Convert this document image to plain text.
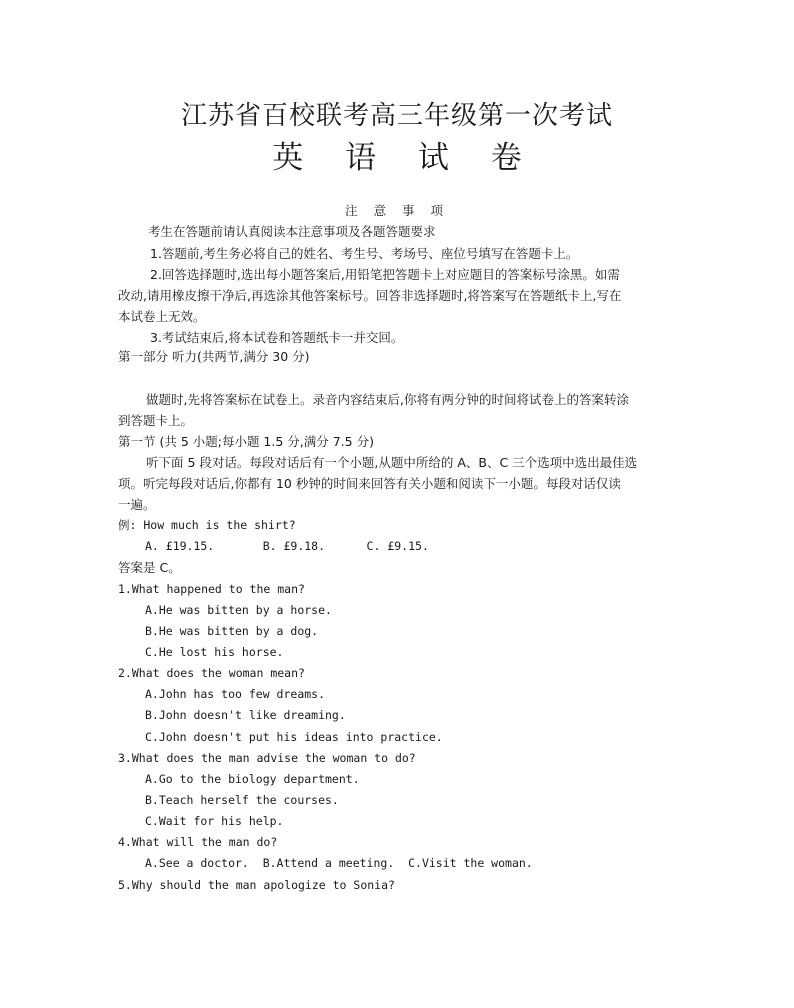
江苏省百校联考高三年级第一次考试
英 语 试 卷
注 意 事 项
考生在答题前请认真阅读本注意事项及各题答题要求
1.答题前,考生务必将自己的姓名、考生号、考场号、座位号填写在答题卡上。
2.回答选择题时,选出每小题答案后,用铅笔把答题卡上对应题目的答案标号涂黑。如需
改动,请用橡皮擦干净后,再选涂其他答案标号。回答非选择题时,将答案写在答题纸卡上,写在
本试卷上无效。
3.考试结束后,将本试卷和答题纸卡一并交回。
第一部分 听力(共两节,满分 30 分)
做题时,先将答案标在试卷上。录音内容结束后,你将有两分钟的时间将试卷上的答案转涂
到答题卡上。
第一节 (共 5 小题;每小题 1.5 分,满分 7.5 分)
听下面 5 段对话。每段对话后有一个小题,从题中所给的 A、B、C 三个选项中选出最佳选
项。听完每段对话后,你都有 10 秒钟的时间来回答有关小题和阅读下一小题。每段对话仅读
一遍。
例: How much is the shirt?
A. £19.15.       B. £9.18.      C. £9.15.
答案是 C。
1.What happened to the man?
A.He was bitten by a horse.
B.He was bitten by a dog.
C.He lost his horse.
2.What does the woman mean?
A.John has too few dreams.
B.John doesn't like dreaming.
C.John doesn't put his ideas into practice.
3.What does the man advise the woman to do?
A.Go to the biology department.
B.Teach herself the courses.
C.Wait for his help.
4.What will the man do?
A.See a doctor.  B.Attend a meeting.  C.Visit the woman.
5.Why should the man apologize to Sonia?
